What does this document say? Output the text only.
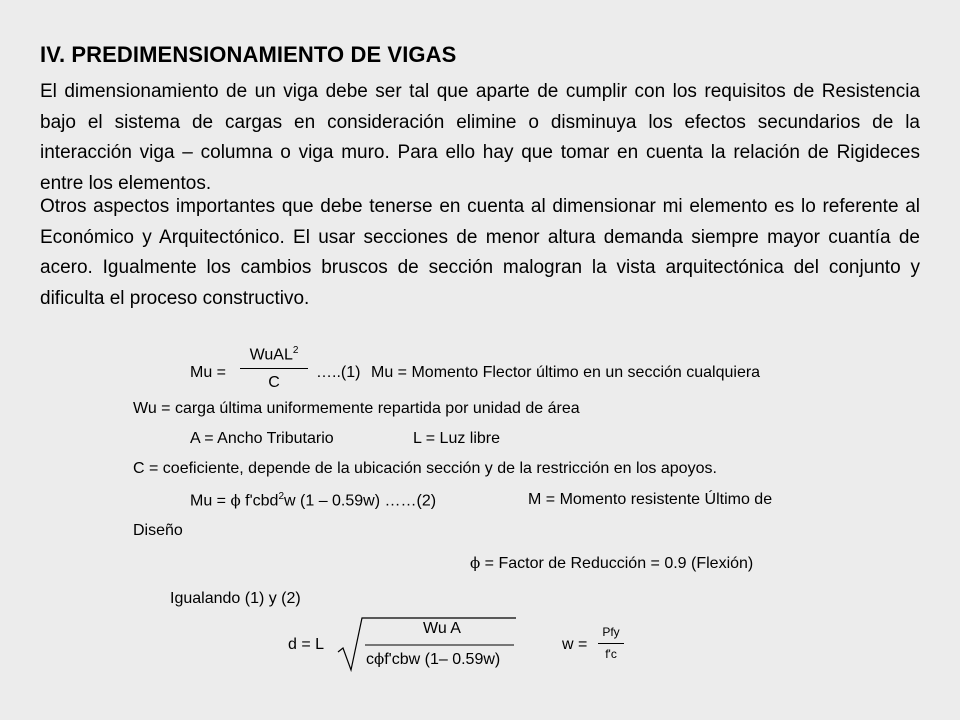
IV. PREDIMENSIONAMIENTO DE VIGAS

El dimensionamiento de un viga debe ser tal que aparte de cumplir con los requisitos de Resistencia bajo el sistema de cargas en consideración elimine o disminuya los efectos secundarios de la interacción viga – columna o viga muro. Para ello hay que tomar en cuenta la relación de Rigideces entre los elementos.

Otros aspectos importantes que debe tenerse en cuenta al dimensionar mi elemento es lo referente al Económico y Arquitectónico. El usar secciones de menor altura demanda siempre mayor cuantía de acero. Igualmente los cambios bruscos de sección malogran la vista arquitectónica del conjunto y dificulta el proceso constructivo.

Mu =
WuAL$^2$
C
…..(1) Mu = Momento Flector último en un sección cualquiera
Wu = carga última uniformemente repartida por unidad de área
A = Ancho Tributario	L = Luz libre
C = coeficiente, depende de la ubicación sección y de la restricción en los apoyos.
Mu = ϕ f'cbd$^2$w (1 – 0.59w) ……(2)	M = Momento resistente Último de
Diseño
ϕ = Factor de Reducción = 0.9 (Flexión)
Igualando (1) y (2)
d = L
Wu A
cϕf'cbw (1– 0.59w)
w =
Pfy
f'c
